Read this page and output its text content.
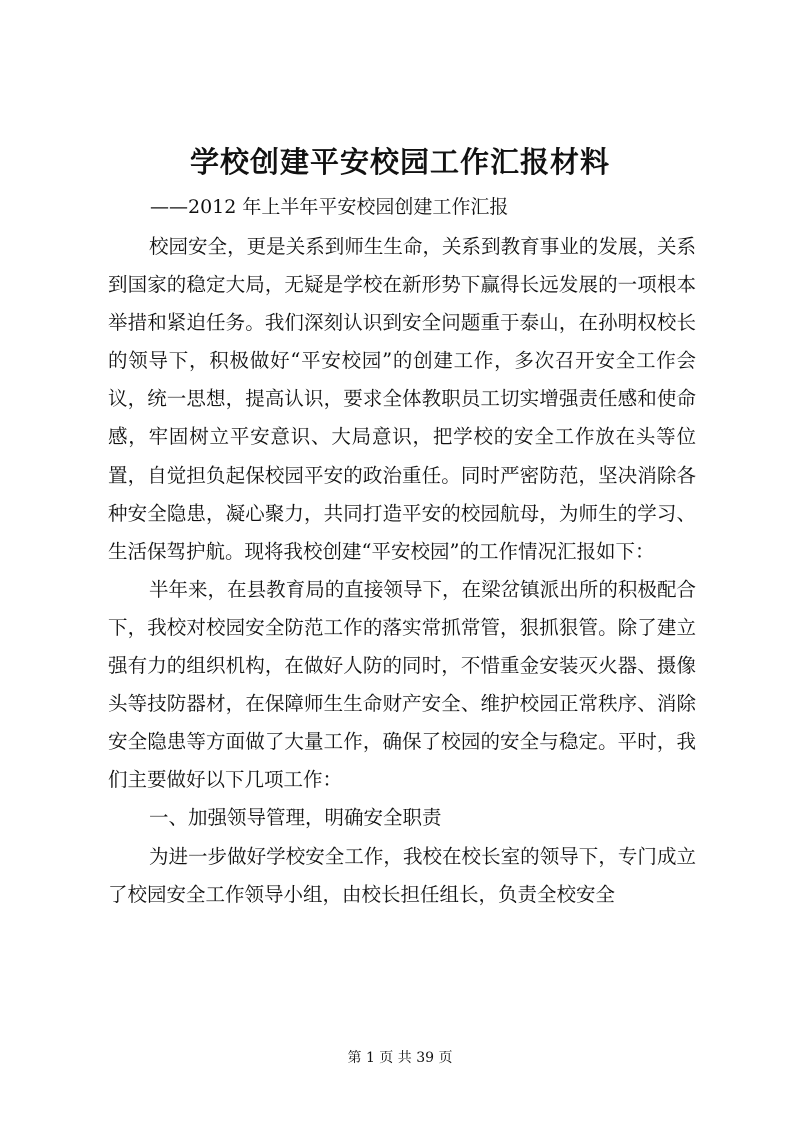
学校创建平安校园工作汇报材料

——2012 年上半年平安校园创建工作汇报

校园安全，更是关系到师生生命，关系到教育事业的发展，关系到国家的稳定大局，无疑是学校在新形势下赢得长远发展的一项根本举措和紧迫任务。我们深刻认识到安全问题重于泰山，在孙明权校长的领导下，积极做好“平安校园”的创建工作，多次召开安全工作会议，统一思想，提高认识，要求全体教职员工切实增强责任感和使命感，牢固树立平安意识、大局意识，把学校的安全工作放在头等位置，自觉担负起保校园平安的政治重任。同时严密防范，坚决消除各种安全隐患，凝心聚力，共同打造平安的校园航母，为师生的学习、生活保驾护航。现将我校创建“平安校园”的工作情况汇报如下：

半年来，在县教育局的直接领导下，在梁岔镇派出所的积极配合下，我校对校园安全防范工作的落实常抓常管，狠抓狠管。除了建立强有力的组织机构，在做好人防的同时，不惜重金安装灭火器、摄像头等技防器材，在保障师生生命财产安全、维护校园正常秩序、消除安全隐患等方面做了大量工作，确保了校园的安全与稳定。平时，我们主要做好以下几项工作：

一、加强领导管理，明确安全职责

为进一步做好学校安全工作，我校在校长室的领导下，专门成立了校园安全工作领导小组，由校长担任组长，负责全校安全

第 1 页 共 39 页
